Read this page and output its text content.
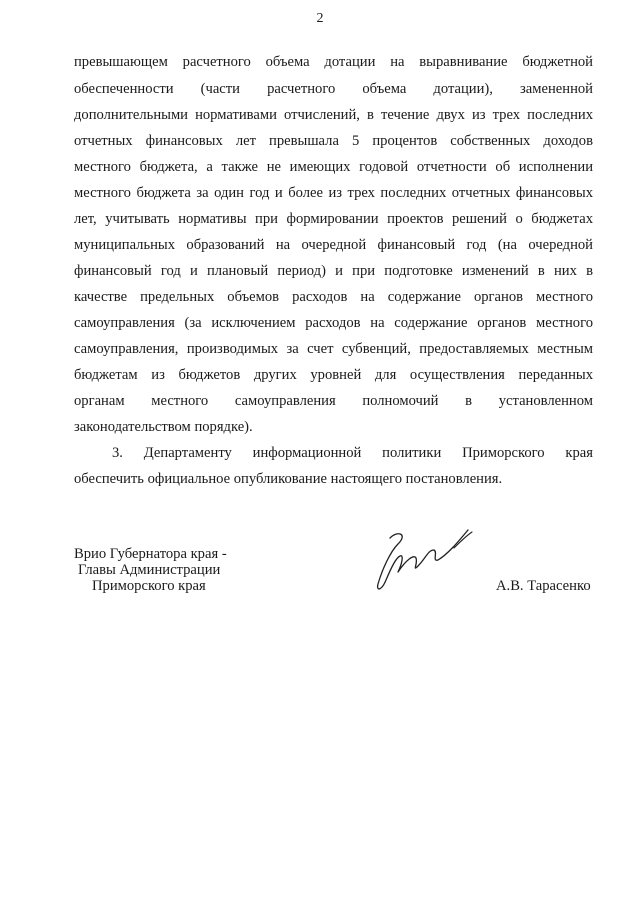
2
превышающем расчетного объема дотации на выравнивание бюджетной
обеспеченности (части расчетного объема дотации), замененной
дополнительными нормативами отчислений, в течение двух из трех последних
отчетных финансовых лет превышала 5 процентов собственных доходов
местного бюджета, а также не имеющих годовой отчетности об исполнении
местного бюджета за один год и более из трех последних отчетных финансовых
лет, учитывать нормативы при формировании проектов решений о бюджетах
муниципальных образований на очередной финансовый год (на очередной
финансовый год и плановый период) и при подготовке изменений в них в
качестве предельных объемов расходов на содержание органов местного
самоуправления (за исключением расходов на содержание органов местного
самоуправления, производимых за счет субвенций, предоставляемых местным
бюджетам из бюджетов других уровней для осуществления переданных
органам местного самоуправления полномочий в установленном
законодательством порядке).
3. Департаменту информационной политики Приморского края
обеспечить официальное опубликование настоящего постановления.
Врио Губернатора края -
Главы Администрации
Приморского края	А.В. Тарасенко
